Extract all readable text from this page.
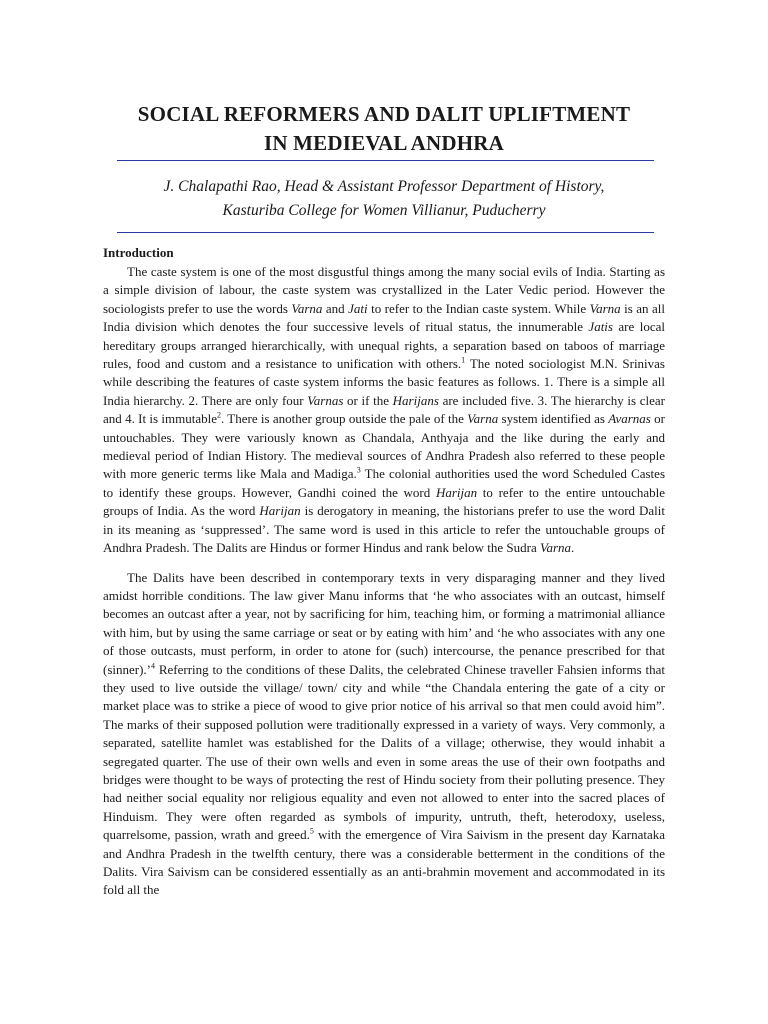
SOCIAL REFORMERS AND DALIT UPLIFTMENT
IN MEDIEVAL ANDHRA
J. Chalapathi Rao, Head & Assistant Professor Department of History,
Kasturiba College for Women Villianur, Puducherry
Introduction

The caste system is one of the most disgustful things among the many social evils of India. Starting as a simple division of labour, the caste system was crystallized in the Later Vedic period. However the sociologists prefer to use the words Varna and Jati to refer to the Indian caste system. While Varna is an all India division which denotes the four successive levels of ritual status, the innumerable Jatis are local hereditary groups arranged hierarchically, with unequal rights, a separation based on taboos of marriage rules, food and custom and a resistance to unification with others.$^1$ The noted sociologist M.N. Srinivas while describing the features of caste system informs the basic features as follows. 1. There is a simple all India hierarchy. 2. There are only four Varnas or if the Harijans are included five. 3. The hierarchy is clear and 4. It is immutable$^2$. There is another group outside the pale of the Varna system identified as Avarnas or untouchables. They were variously known as Chandala, Anthyaja and the like during the early and medieval period of Indian History. The medieval sources of Andhra Pradesh also referred to these people with more generic terms like Mala and Madiga.$^3$ The colonial authorities used the word Scheduled Castes to identify these groups. However, Gandhi coined the word Harijan to refer to the entire untouchable groups of India. As the word Harijan is derogatory in meaning, the historians prefer to use the word Dalit in its meaning as ‘suppressed’. The same word is used in this article to refer the untouchable groups of Andhra Pradesh. The Dalits are Hindus or former Hindus and rank below the Sudra Varna.

The Dalits have been described in contemporary texts in very disparaging manner and they lived amidst horrible conditions. The law giver Manu informs that ‘he who associates with an outcast, himself becomes an outcast after a year, not by sacrificing for him, teaching him, or forming a matrimonial alliance with him, but by using the same carriage or seat or by eating with him’ and ‘he who associates with any one of those outcasts, must perform, in order to atone for (such) intercourse, the penance prescribed for that (sinner).’$^4$ Referring to the conditions of these Dalits, the celebrated Chinese traveller Fahsien informs that they used to live outside the village/ town/ city and while “the Chandala entering the gate of a city or market place was to strike a piece of wood to give prior notice of his arrival so that men could avoid him”. The marks of their supposed pollution were traditionally expressed in a variety of ways. Very commonly, a separated, satellite hamlet was established for the Dalits of a village; otherwise, they would inhabit a segregated quarter. The use of their own wells and even in some areas the use of their own footpaths and bridges were thought to be ways of protecting the rest of Hindu society from their polluting presence. They had neither social equality nor religious equality and even not allowed to enter into the sacred places of Hinduism. They were often regarded as symbols of impurity, untruth, theft, heterodoxy, useless, quarrelsome, passion, wrath and greed.$^5$ with the emergence of Vira Saivism in the present day Karnataka and Andhra Pradesh in the twelfth century, there was a considerable betterment in the conditions of the Dalits. Vira Saivism can be considered essentially as an anti-brahmin movement and accommodated in its fold all the
